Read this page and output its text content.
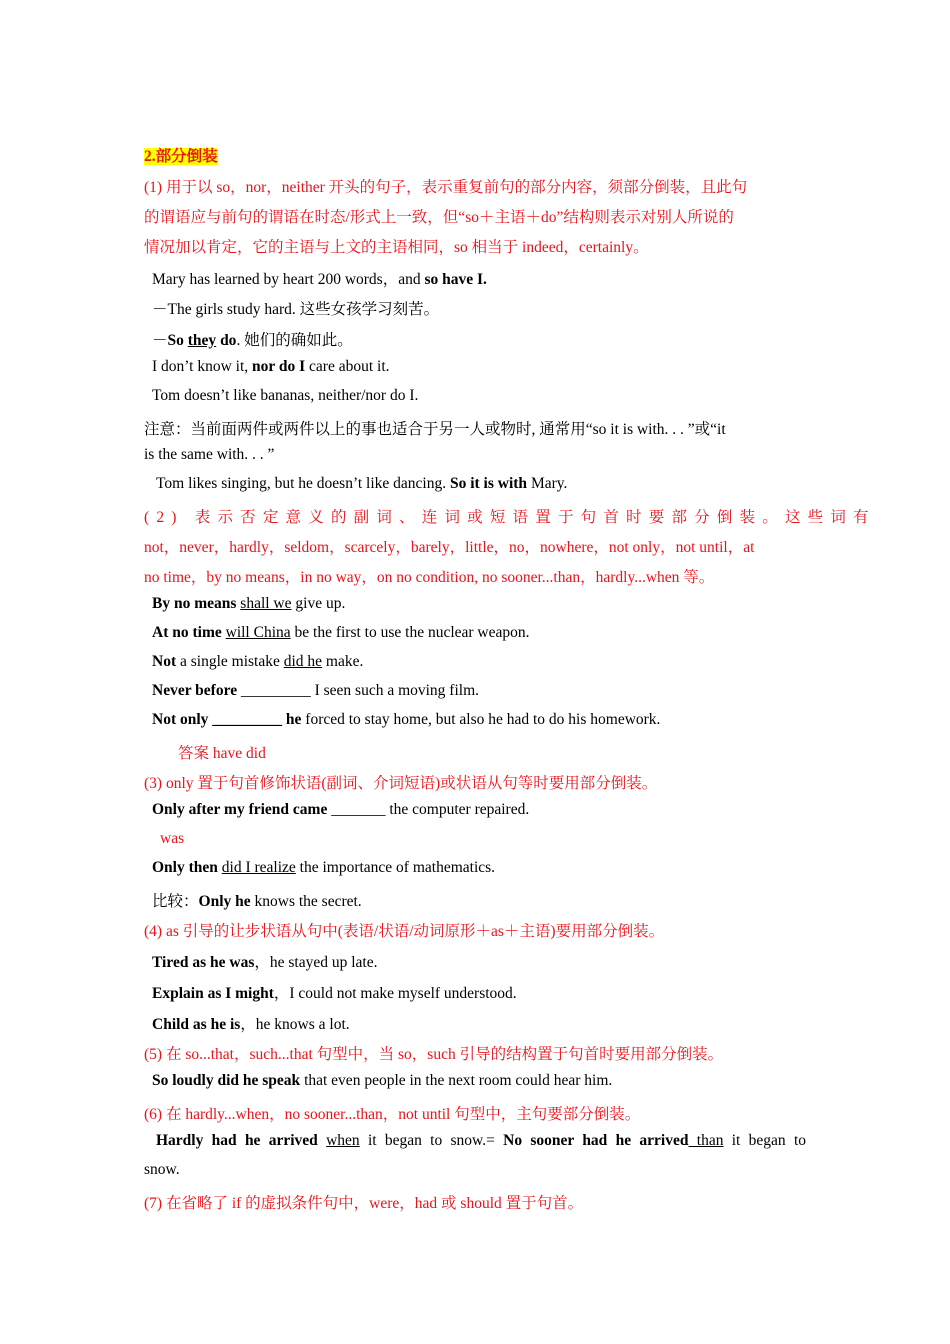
2.部分倒装
(1) 用于以 so，nor，neither 开头的句子，表示重复前句的部分内容，须部分倒装，且此句
的谓语应与前句的谓语在时态/形式上一致，但“so＋主语＋do”结构则表示对别人所说的
情况加以肯定，它的主语与上文的主语相同，so 相当于 indeed，certainly。
Mary has learned by heart 200 words，and so have I.
－The girls study hard. 这些女孩学习刻苦。
－So they do. 她们的确如此。
I don’t know it, nor do I care about it.
Tom doesn’t like bananas, neither/nor do I.
注意：当前面两件或两件以上的事也适合于另一人或物时, 通常用“so it is with. . . ”或“it
is the same with. . . ”
Tom likes singing, but he doesn’t like dancing. So it is with Mary.
(2) 表示否定意义的副词、连词或短语置于句首时要部分倒装。这些词有
not，never，hardly，seldom，scarcely，barely，little，no，nowhere，not only，not until，at
no time，by no means，in no way，on no condition, no sooner...than，hardly...when 等。
By no means shall we give up.
At no time will China be the first to use the nuclear weapon.
Not a single mistake did he make.
Never before _________ I seen such a moving film.
Not only _________ he forced to stay home, but also he had to do his homework.
答案 have did
(3) only 置于句首修饰状语(副词、介词短语)或状语从句等时要用部分倒装。
Only after my friend came _______ the computer repaired.
was
Only then did I realize the importance of mathematics.
比较：Only he knows the secret.
(4) as 引导的让步状语从句中(表语/状语/动词原形＋as＋主语)要用部分倒装。
Tired as he was，he stayed up late.
Explain as I might，I could not make myself understood.
Child as he is，he knows a lot.
(5) 在 so...that，such...that 句型中，当 so，such 引导的结构置于句首时要用部分倒装。
So loudly did he speak that even people in the next room could hear him.
(6) 在 hardly...when，no sooner...than，not until 句型中，主句要部分倒装。
Hardly had he arrived when it began to snow.= No sooner had he arrived than it began to
snow.
(7) 在省略了 if 的虚拟条件句中，were，had 或 should 置于句首。
